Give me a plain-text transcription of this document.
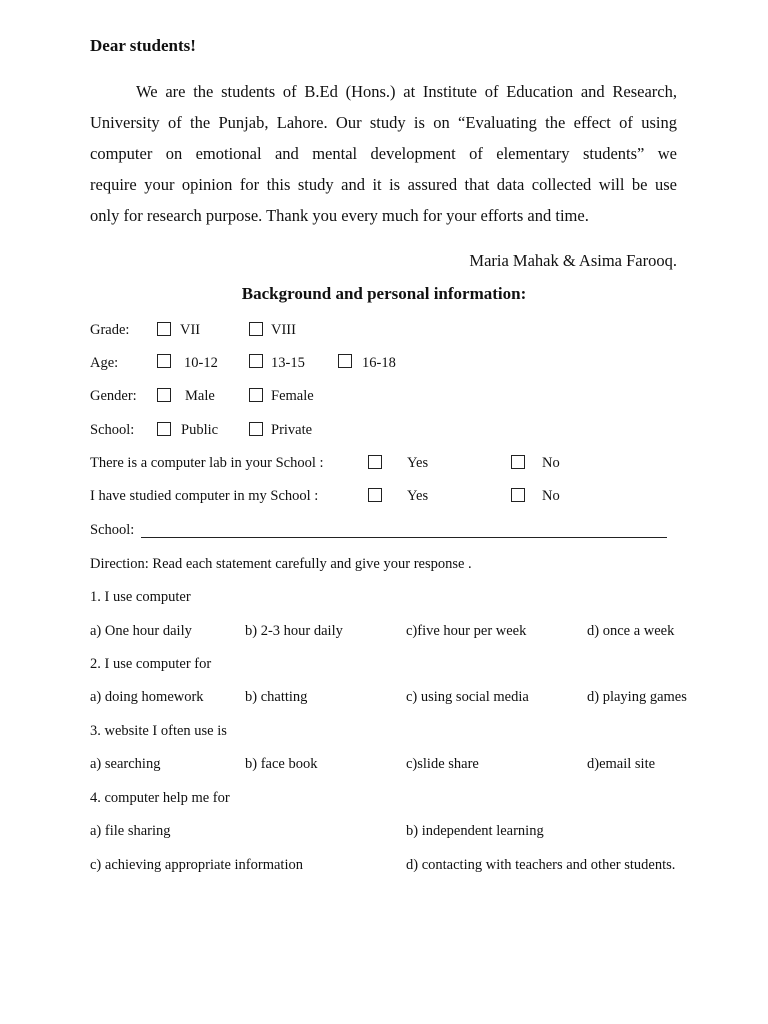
Dear students!
We are the students of B.Ed (Hons.) at Institute of Education and Research,
University of the Punjab, Lahore. Our study is on “Evaluating the effect of using
computer on emotional and mental development of elementary students” we
require your opinion for this study and it is assured that data collected will be use
only for research purpose. Thank you every much for your efforts and time.
Maria Mahak & Asima Farooq.
Background and personal information:
Grade:	VII	VIII
Age:	10-12	13-15	16-18
Gender:	Male	Female
School:	Public	Private
There is a computer lab in your School :	Yes	No
I have studied computer in my School :	Yes	No
School:
Direction: Read each statement carefully and give your response .
1. I use computer
a) One hour daily	b) 2-3 hour daily	c)five hour per week	d) once a week
2. I use computer for
a) doing homework	b) chatting	c) using social media	d) playing games
3. website I often use is
a) searching	b) face book	c)slide share	d)email site
4. computer help me for
a) file sharing	b) independent learning
c) achieving appropriate information	d) contacting with teachers and other students.
